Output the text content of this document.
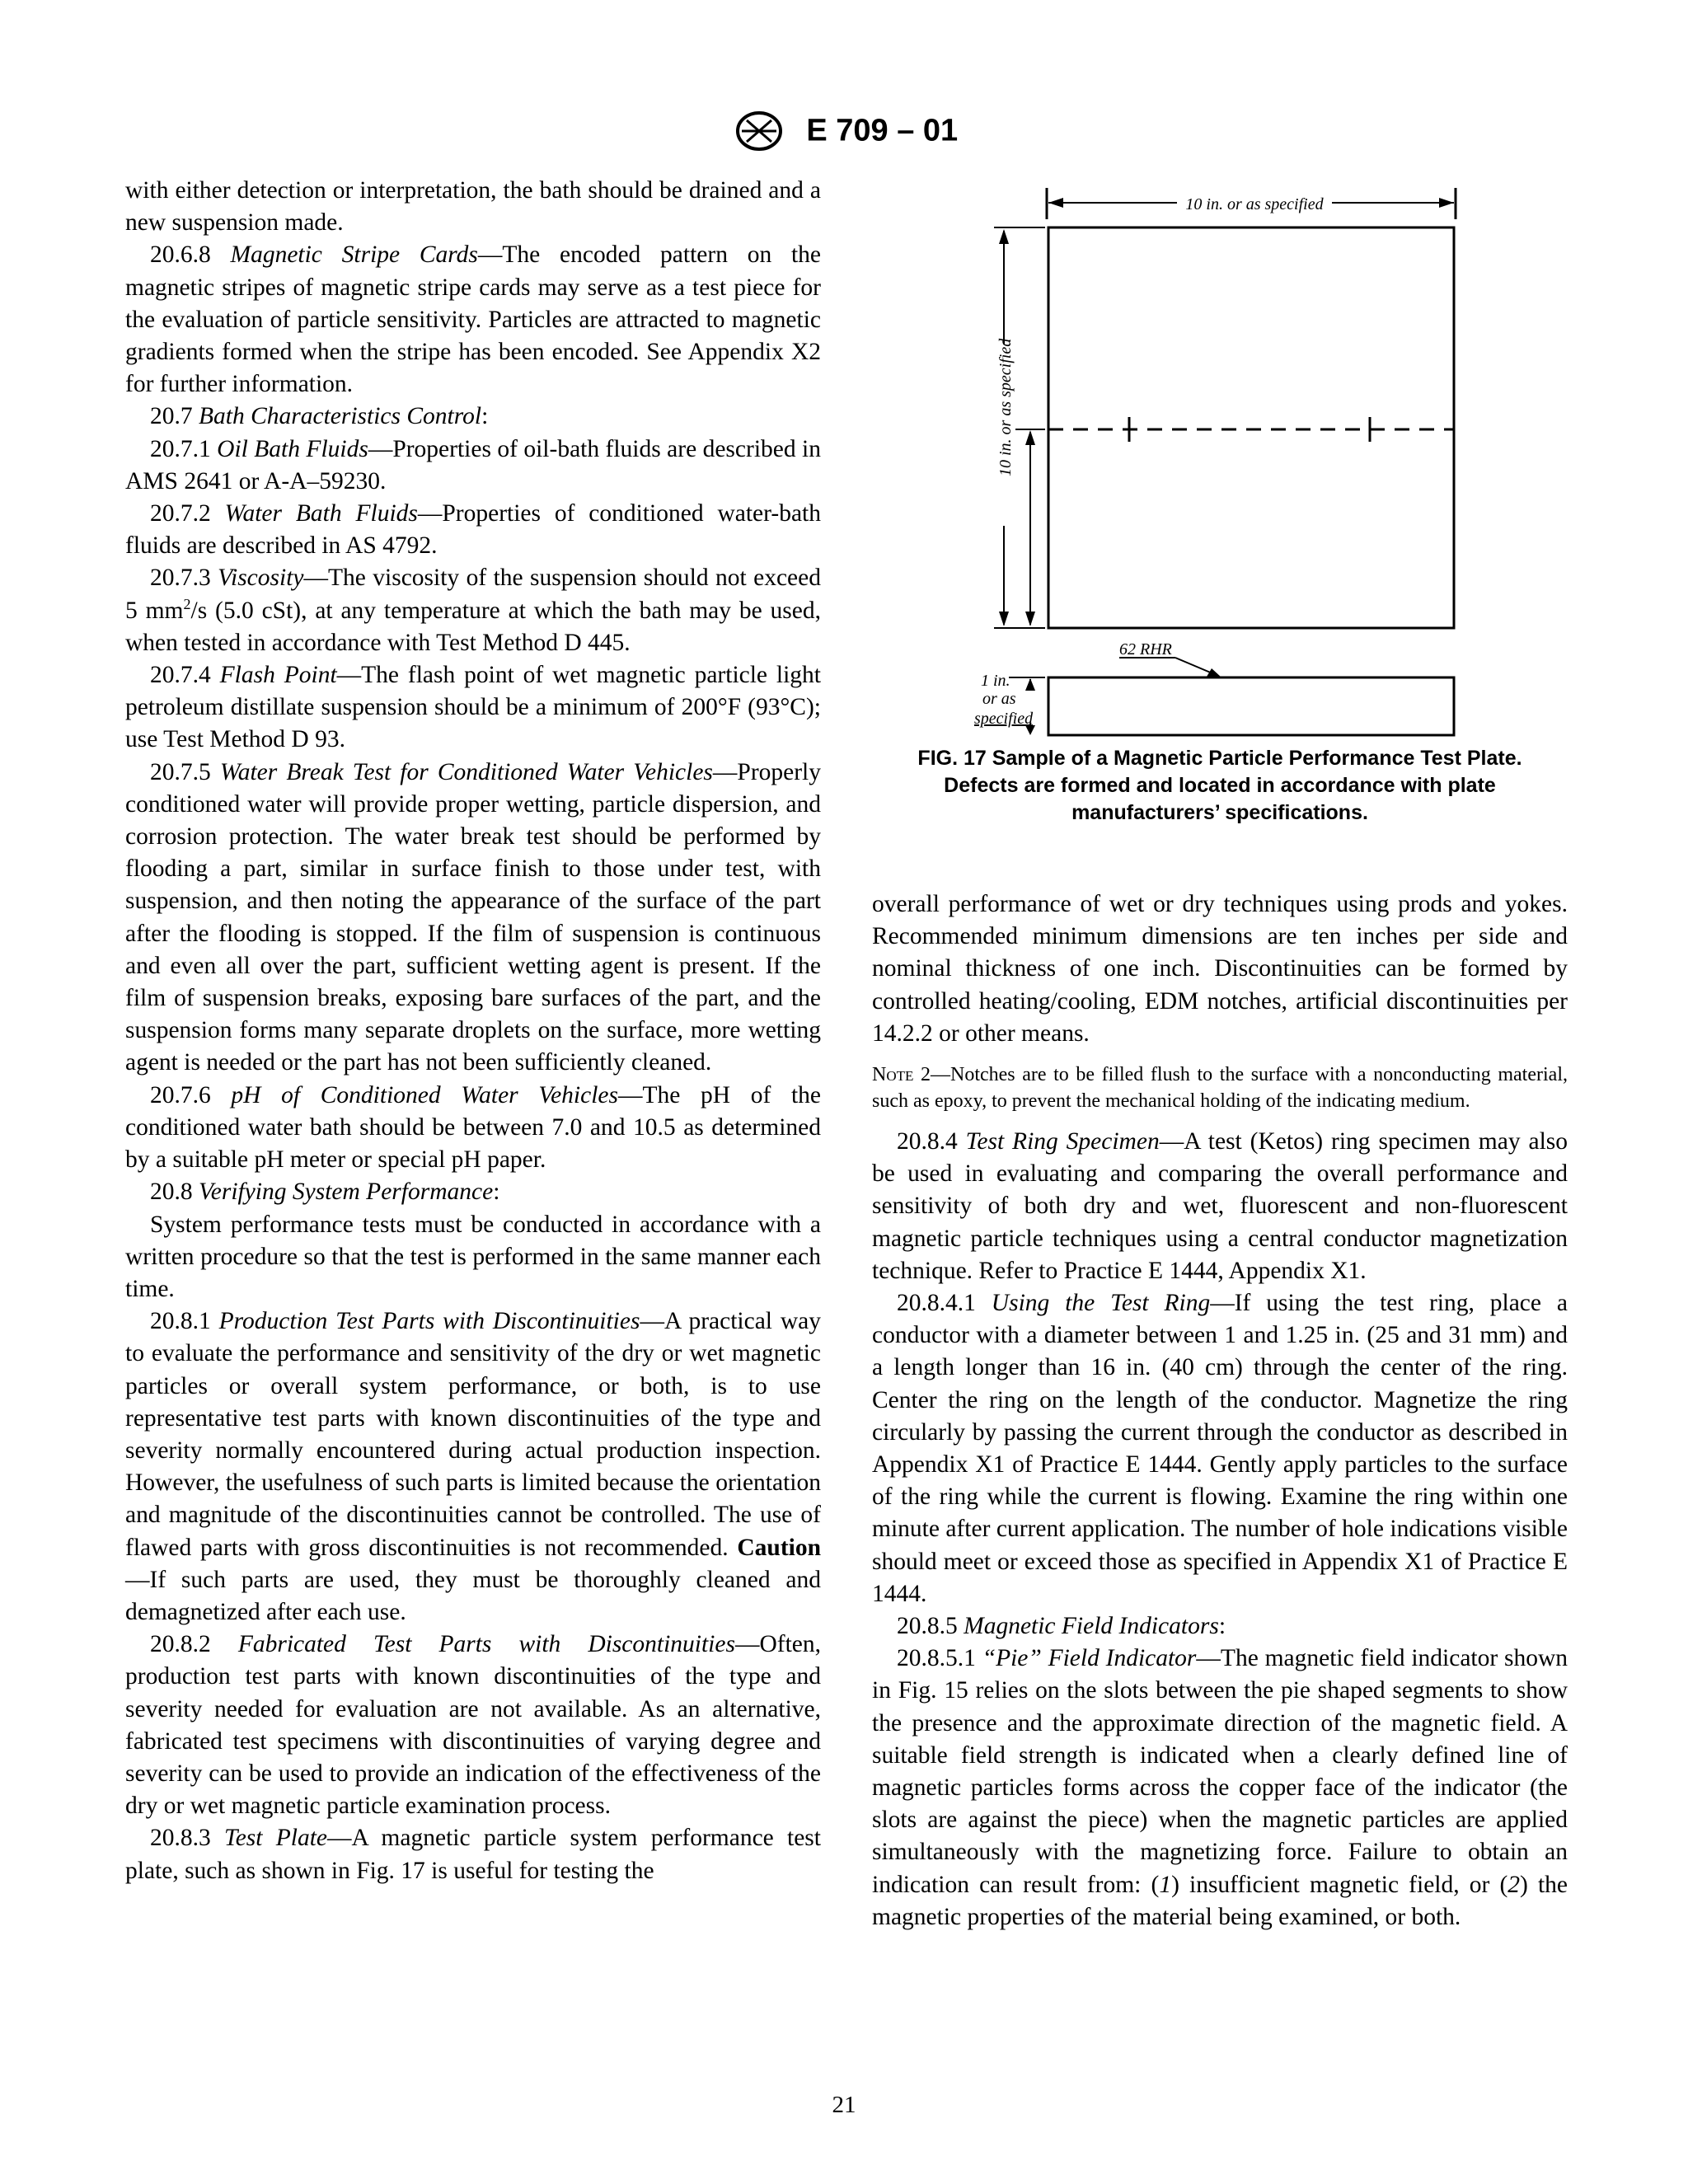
E 709 – 01

with either detection or interpretation, the bath should be drained and a new suspension made.

20.6.8 Magnetic Stripe Cards—The encoded pattern on the magnetic stripes of magnetic stripe cards may serve as a test piece for the evaluation of particle sensitivity. Particles are attracted to magnetic gradients formed when the stripe has been encoded. See Appendix X2 for further information.

20.7 Bath Characteristics Control:

20.7.1 Oil Bath Fluids—Properties of oil-bath fluids are described in AMS 2641 or A-A–59230.

20.7.2 Water Bath Fluids—Properties of conditioned water-bath fluids are described in AS 4792.

20.7.3 Viscosity—The viscosity of the suspension should not exceed 5 $mm^2/s$ (5.0 cSt), at any temperature at which the bath may be used, when tested in accordance with Test Method D 445.

20.7.4 Flash Point—The flash point of wet magnetic particle light petroleum distillate suspension should be a minimum of 200°F (93°C); use Test Method D 93.

20.7.5 Water Break Test for Conditioned Water Vehicles—Properly conditioned water will provide proper wetting, particle dispersion, and corrosion protection. The water break test should be performed by flooding a part, similar in surface finish to those under test, with suspension, and then noting the appearance of the surface of the part after the flooding is stopped. If the film of suspension is continuous and even all over the part, sufficient wetting agent is present. If the film of suspension breaks, exposing bare surfaces of the part, and the suspension forms many separate droplets on the surface, more wetting agent is needed or the part has not been sufficiently cleaned.

20.7.6 pH of Conditioned Water Vehicles—The pH of the conditioned water bath should be between 7.0 and 10.5 as determined by a suitable pH meter or special pH paper.

20.8 Verifying System Performance:

System performance tests must be conducted in accordance with a written procedure so that the test is performed in the same manner each time.

20.8.1 Production Test Parts with Discontinuities—A practical way to evaluate the performance and sensitivity of the dry or wet magnetic particles or overall system performance, or both, is to use representative test parts with known discontinuities of the type and severity normally encountered during actual production inspection. However, the usefulness of such parts is limited because the orientation and magnitude of the discontinuities cannot be controlled. The use of flawed parts with gross discontinuities is not recommended. Caution—If such parts are used, they must be thoroughly cleaned and demagnetized after each use.

20.8.2 Fabricated Test Parts with Discontinuities—Often, production test parts with known discontinuities of the type and severity needed for evaluation are not available. As an alternative, fabricated test specimens with discontinuities of varying degree and severity can be used to provide an indication of the effectiveness of the dry or wet magnetic particle examination process.

20.8.3 Test Plate—A magnetic particle system performance test plate, such as shown in Fig. 17 is useful for testing the

10 in. or as specified
10 in. or as specified
62 RHR
1 in.
or as
specified
FIG. 17 Sample of a Magnetic Particle Performance Test Plate.
Defects are formed and located in accordance with plate
manufacturers’ specifications.

overall performance of wet or dry techniques using prods and yokes. Recommended minimum dimensions are ten inches per side and nominal thickness of one inch. Discontinuities can be formed by controlled heating/cooling, EDM notches, artificial discontinuities per 14.2.2 or other means.

Note 2—Notches are to be filled flush to the surface with a nonconducting material, such as epoxy, to prevent the mechanical holding of the indicating medium.

20.8.4 Test Ring Specimen—A test (Ketos) ring specimen may also be used in evaluating and comparing the overall performance and sensitivity of both dry and wet, fluorescent and non-fluorescent magnetic particle techniques using a central conductor magnetization technique. Refer to Practice E 1444, Appendix X1.

20.8.4.1 Using the Test Ring—If using the test ring, place a conductor with a diameter between 1 and 1.25 in. (25 and 31 mm) and a length longer than 16 in. (40 cm) through the center of the ring. Center the ring on the length of the conductor. Magnetize the ring circularly by passing the current through the conductor as described in Appendix X1 of Practice E 1444. Gently apply particles to the surface of the ring while the current is flowing. Examine the ring within one minute after current application. The number of hole indications visible should meet or exceed those as specified in Appendix X1 of Practice E 1444.

20.8.5 Magnetic Field Indicators:

20.8.5.1 “Pie” Field Indicator—The magnetic field indicator shown in Fig. 15 relies on the slots between the pie shaped segments to show the presence and the approximate direction of the magnetic field. A suitable field strength is indicated when a clearly defined line of magnetic particles forms across the copper face of the indicator (the slots are against the piece) when the magnetic particles are applied simultaneously with the magnetizing force. Failure to obtain an indication can result from: (1) insufficient magnetic field, or (2) the magnetic properties of the material being examined, or both.

21
